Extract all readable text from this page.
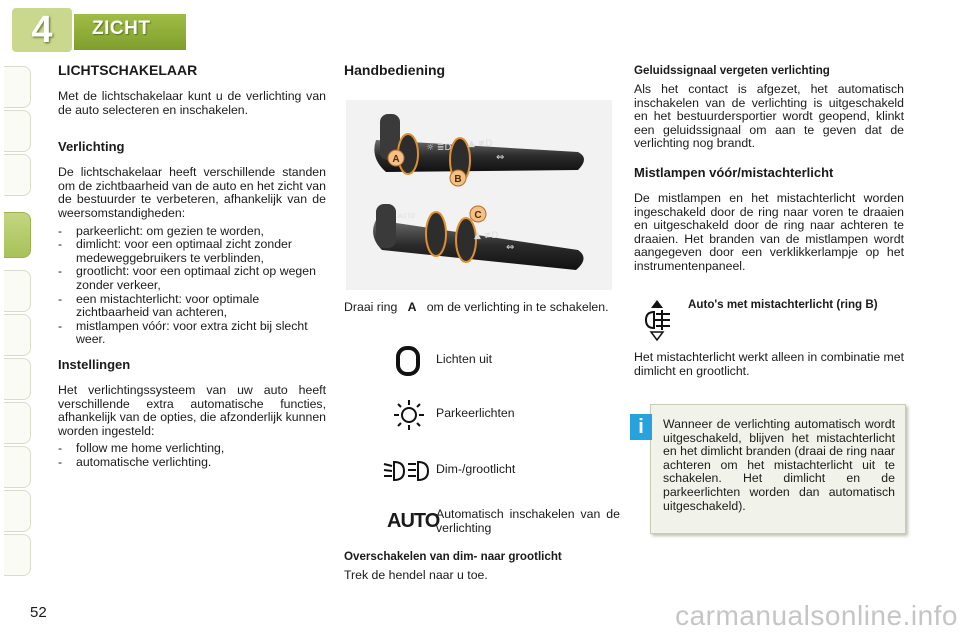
4	ZICHT
LICHTSCHAKELAAR

Met de lichtschakelaar kunt u de verlichting van de auto selecteren en inschakelen.

Verlichting

De lichtschakelaar heeft verschillende standen om de zichtbaarheid van de auto en het zicht van de bestuurder te verbeteren, afhankelijk van de weersomstandigheden:

- parkeerlicht: om gezien te worden,
- dimlicht: voor een optimaal zicht zonder medeweggebruikers te verblinden,
- grootlicht: voor een optimaal zicht op wegen zonder verkeer,
- een mistachterlicht: voor optimale zichtbaarheid van achteren,
- mistlampen vóór: voor extra zicht bij slecht weer.
Instellingen

Het verlichtingssysteem van uw auto heeft verschillende extra automatische functies, afhankelijk van de opties, die afzonderlijk kunnen worden ingesteld:

- follow me home verlichting,
- automatische verlichting.
Handbediening
☼ ≣D ▲ ≢D
⇔
AUTO
▲ ≢D
⇔
A
B
C

Draai ring A om de verlichting in te schakelen.

Lichten uit
Parkeerlichten
Dim-/grootlicht
AUTO
Automatisch inschakelen van de verlichting

Overschakelen van dim- naar grootlicht

Trek de hendel naar u toe.

Geluidssignaal vergeten verlichting

Als het contact is afgezet, het automatisch inschakelen van de verlichting is uitgeschakeld en het bestuurdersportier wordt geopend, klinkt een geluidssignaal om aan te geven dat de verlichting nog brandt.

Mistlampen vóór/mistachterlicht

De mistlampen en het mistachterlicht worden ingeschakeld door de ring naar voren te draaien en uitgeschakeld door de ring naar achteren te draaien. Het branden van de mistlampen wordt aangegeven door een verklikkerlampje op het instrumentenpaneel.

Auto's met mistachterlicht (ring B)

Het mistachterlicht werkt alleen in combinatie met dimlicht en grootlicht.

i	Wanneer de verlichting automatisch wordt uitgeschakeld, blijven het mistachterlicht en het dimlicht branden (draai de ring naar achteren om het mistachterlicht uit te schakelen. Het dimlicht en de parkeerlichten worden dan automatisch uitgeschakeld).

52	carmanualsonline.info
